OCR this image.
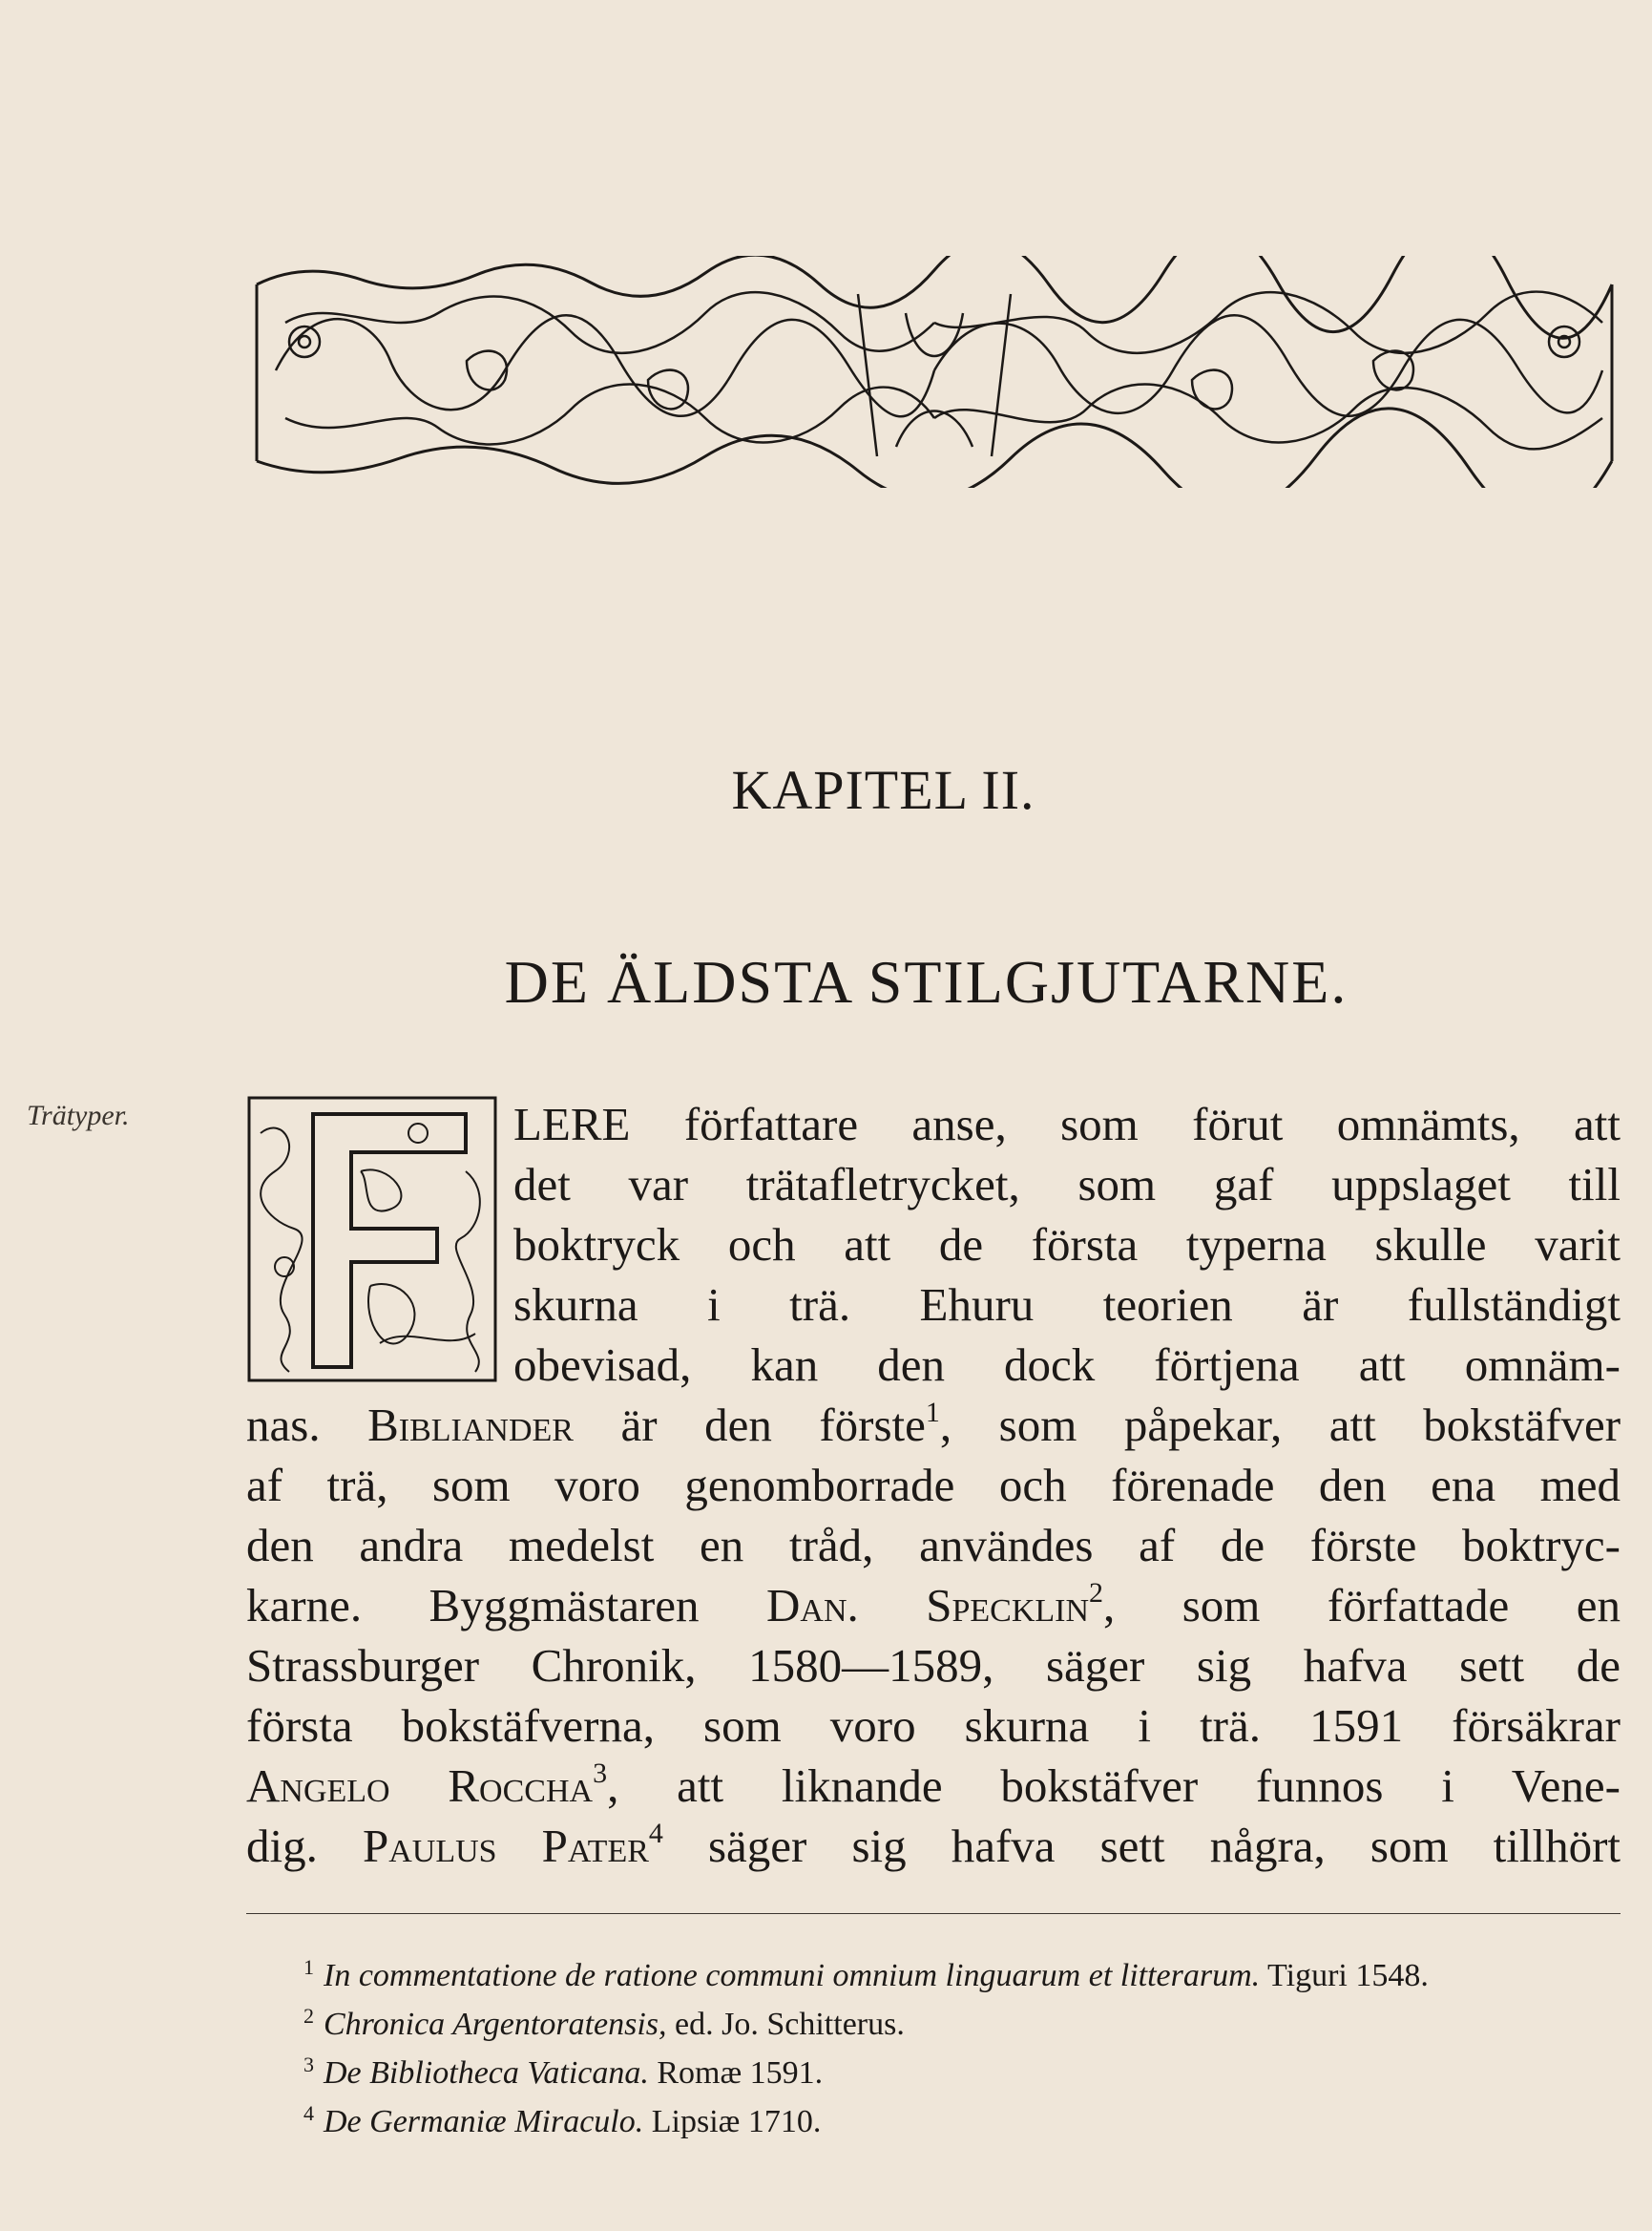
KAPITEL II.
DE ÄLDSTA STILGJUTARNE.
Trätyper.	LERE författare anse, som förut omnämts, att
det var trätafletrycket, som gaf uppslaget till
boktryck och att de första typerna skulle varit
skurna i trä. Ehuru teorien är fullständigt
obevisad, kan den dock förtjena att omnäm-
nas. Bibliander är den förste$^1$, som påpekar, att bokstäfver
af trä, som voro genomborrade och förenade den ena med
den andra medelst en tråd, användes af de förste boktryc-
karne. Byggmästaren Dan. Specklin$^2$, som författade en
Strassburger Chronik, 1580—1589, säger sig hafva sett de
första bokstäfverna, som voro skurna i trä. 1591 försäkrar
Angelo Roccha$^3$, att liknande bokstäfver funnos i Vene-
dig. Paulus Pater$^4$ säger sig hafva sett några, som tillhört
$^1$ In commentatione de ratione communi omnium linguarum et litterarum. Tiguri 1548.
$^2$ Chronica Argentoratensis, ed. Jo. Schitterus.
$^3$ De Bibliotheca Vaticana. Romæ 1591.
$^4$ De Germaniæ Miraculo. Lipsiæ 1710.
